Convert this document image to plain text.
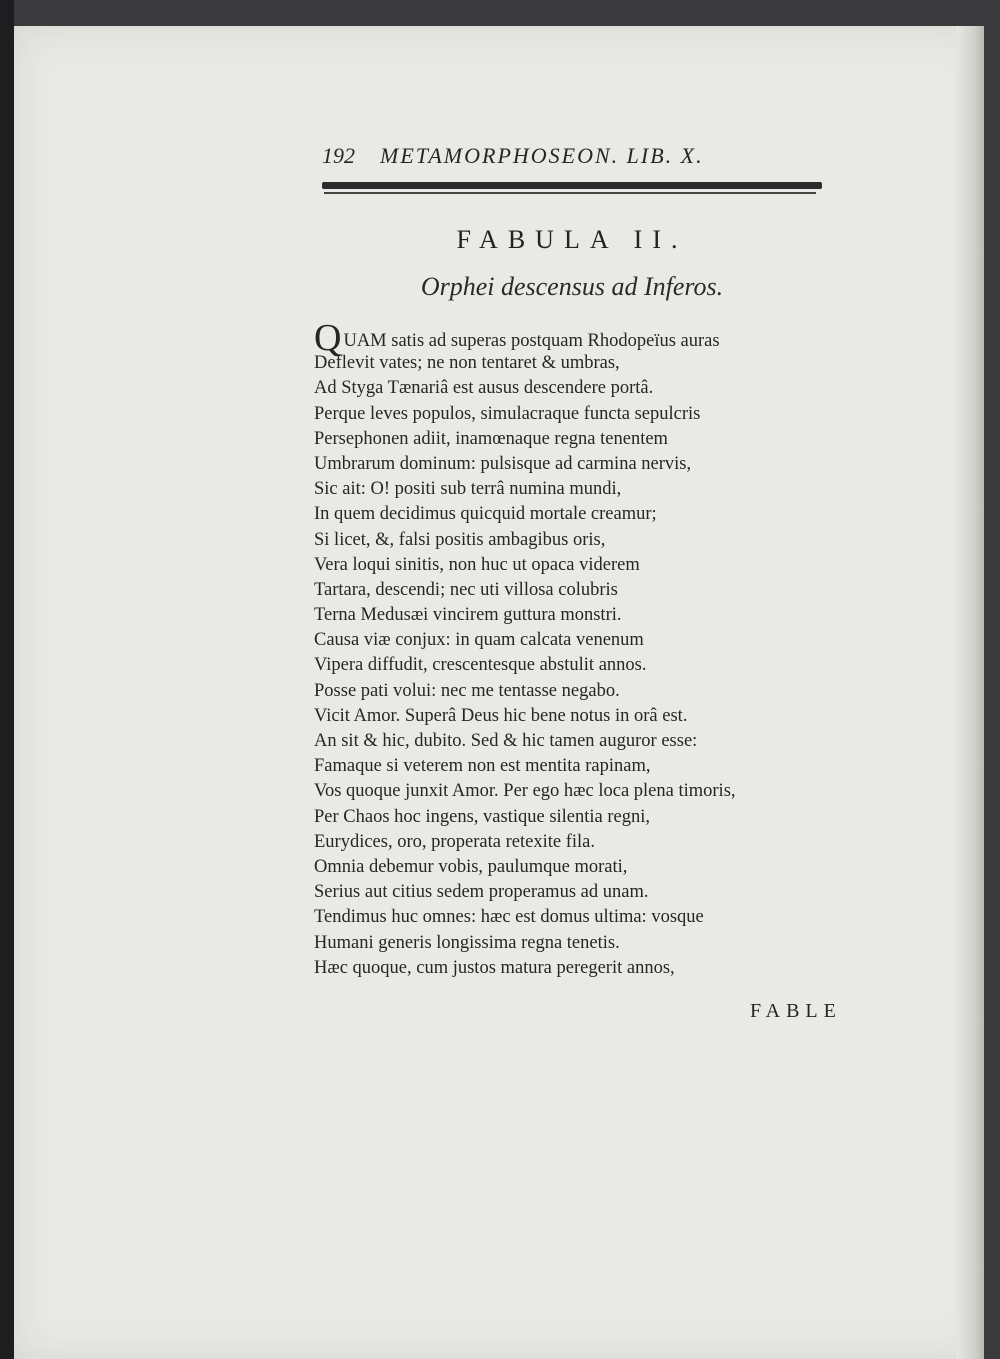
192 METAMORPHOSEON. LIB. X.
FABULA II.
Orphei descensus ad Inferos.
QUAM satis ad superas postquam Rhodopeïus auras
Deflevit vates; ne non tentaret & umbras,
Ad Styga Tænariâ est ausus descendere portâ.
Perque leves populos, simulacraque functa sepulcris
Persephonen adiit, inamœnaque regna tenentem
Umbrarum dominum: pulsisque ad carmina nervis,
Sic ait: O! positi sub terrâ numina mundi,
In quem decidimus quicquid mortale creamur;
Si licet, &, falsi positis ambagibus oris,
Vera loqui sinitis, non huc ut opaca viderem
Tartara, descendi; nec uti villosa colubris
Terna Medusæi vincirem guttura monstri.
Causa viæ conjux: in quam calcata venenum
Vipera diffudit, crescentesque abstulit annos.
Posse pati volui: nec me tentasse negabo.
Vicit Amor. Superâ Deus hic bene notus in orâ est.
An sit & hic, dubito. Sed & hic tamen auguror esse:
Famaque si veterem non est mentita rapinam,
Vos quoque junxit Amor. Per ego hæc loca plena timoris,
Per Chaos hoc ingens, vastique silentia regni,
Eurydices, oro, properata retexite fila.
Omnia debemur vobis, paulumque morati,
Serius aut citius sedem properamus ad unam.
Tendimus huc omnes: hæc est domus ultima: vosque
Humani generis longissima regna tenetis.
Hæc quoque, cum justos matura peregerit annos,
FABLE
